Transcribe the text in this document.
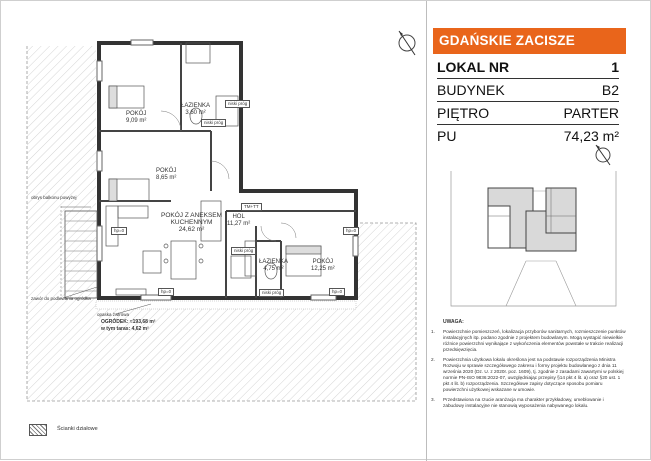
POKÓJ
9,09 m²
ŁAZIENKA
3,60 m²
POKÓJ
8,65 m²
POKÓJ Z ANEKSEM
KUCHENNYM
24,62 m²
HOL
11,27 m²
ŁAZIENKA
4,75 m²
POKÓJ
12,25 m²
TM+TT
niski próg
niski próg
niski próg
niski próg
hp=0	hp=0
hp=0	hp=0
obrys balkonu powyżej
zawór do podlewania ogródka
opaska żwirowa
OGRÓDEK: ≈193,68 m²
w tym taras: 4,62 m²
Ścianki działowe
GDAŃSKIE ZACISZE
LOKAL NR	1
BUDYNEK	B2
PIĘTRO	PARTER
PU	74,23 m²
UWAGA:
1.	Powierzchnie pomieszczeń, lokalizacja przyborów sanitarnych, rozmieszczenie punktów instalacyjnych itp. podano zgodnie z projektem budowlanym. Mogą wystąpić niewielkie różnice powierzchni wynikające z wykończenia elementów powstałe w trakcie realizacji przedsięwzięcia.
2.	Powierzchnia użytkowa lokalu określona jest na podstawie rozporządzenia Ministra Rozwoju w sprawie szczegółowego zakresu i formy projektu budowlanego z dnia 11 września 2020 (Dz. U. z 2020r. poz. 1609), tj. zgodnie z zasadami zawartymi w polskiej normie PN-ISO 9836:2022-07, uwzględniając przepisy §14 pkt 4 lit. a) oraz §20 ust. 1 pkt 4 lit. b) rozporządzenia. Szczegółowe zapisy dotyczące sposobu pomiaru powierzchni użytkowej wskazane w umowie.
3.	Przedstawiona na rzucie aranżacja ma charakter przykładowy, umeblowanie i zabudowy instalacyjne nie stanowią wyposażenia nabywanego lokalu.
